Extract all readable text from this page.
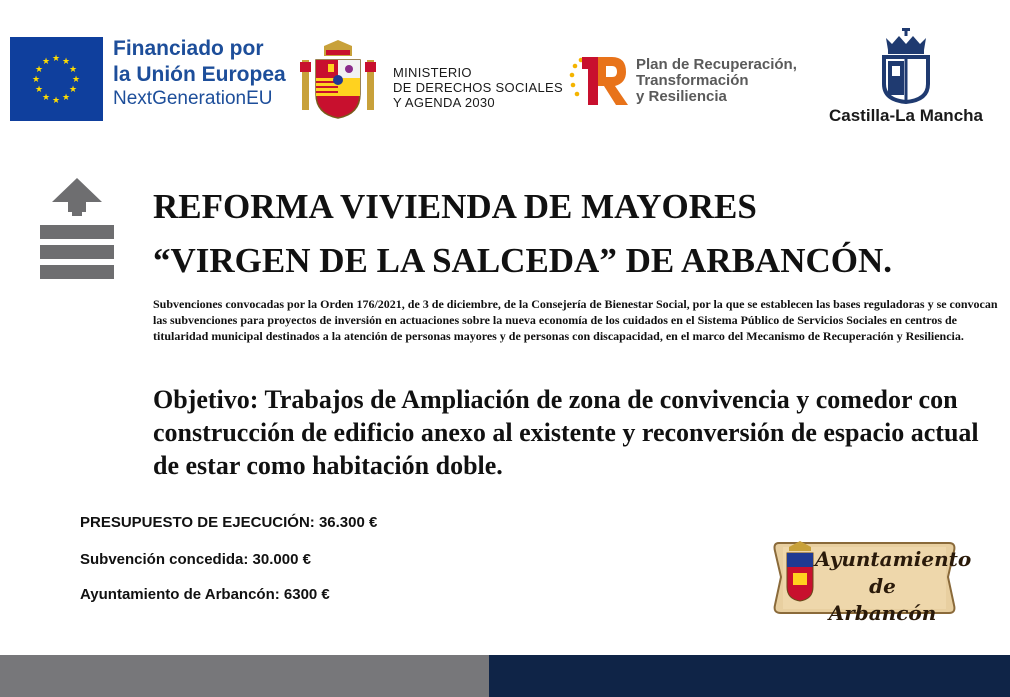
★ ★
★
★
★
★
★
★
★
★
★
★
Financiado por
la Unión Europea
NextGenerationEU
MINISTERIO
DE DERECHOS SOCIALES
Y AGENDA 2030
Plan de Recuperación,
Transformación
y Resiliencia
Castilla-La Mancha
REFORMA VIVIENDA DE MAYORES
“VIRGEN DE LA SALCEDA” DE ARBANCÓN.
Subvenciones convocadas por la Orden 176/2021, de 3 de diciembre, de la Consejería de Bienestar Social, por la que se establecen las bases reguladoras y se convocan las subvenciones para proyectos de inversión en actuaciones sobre la nueva economía de los cuidados en el Sistema Público de Servicios Sociales en centros de titularidad municipal destinados a la atención de personas mayores y de personas con discapacidad, en el marco del Mecanismo de Recuperación y Resiliencia.
Objetivo: Trabajos de Ampliación de zona de convivencia y comedor con construcción de edificio anexo al existente y reconversión de espacio actual de estar como habitación doble.
PRESUPUESTO DE EJECUCIÓN: 36.300 €
Subvención concedida: 30.000 €
Ayuntamiento de Arbancón: 6300 €
Ayuntamiento
de Arbancón
